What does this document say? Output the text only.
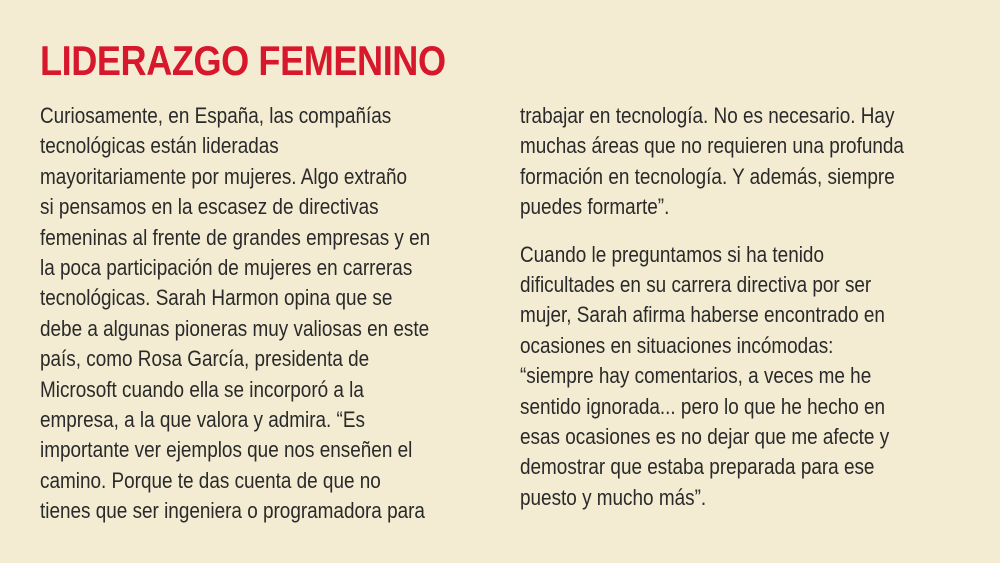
LIDERAZGO FEMENINO

Curiosamente, en España, las compañías
tecnológicas están lideradas
mayoritariamente por mujeres. Algo extraño
si pensamos en la escasez de directivas
femeninas al frente de grandes empresas y en
la poca participación de mujeres en carreras
tecnológicas. Sarah Harmon opina que se
debe a algunas pioneras muy valiosas en este
país, como Rosa García, presidenta de
Microsoft cuando ella se incorporó a la
empresa, a la que valora y admira. “Es
importante ver ejemplos que nos enseñen el
camino. Porque te das cuenta de que no
tienes que ser ingeniera o programadora para

trabajar en tecnología. No es necesario. Hay
muchas áreas que no requieren una profunda
formación en tecnología. Y además, siempre
puedes formarte”.

Cuando le preguntamos si ha tenido
dificultades en su carrera directiva por ser
mujer, Sarah afirma haberse encontrado en
ocasiones en situaciones incómodas:
“siempre hay comentarios, a veces me he
sentido ignorada... pero lo que he hecho en
esas ocasiones es no dejar que me afecte y
demostrar que estaba preparada para ese
puesto y mucho más”.
